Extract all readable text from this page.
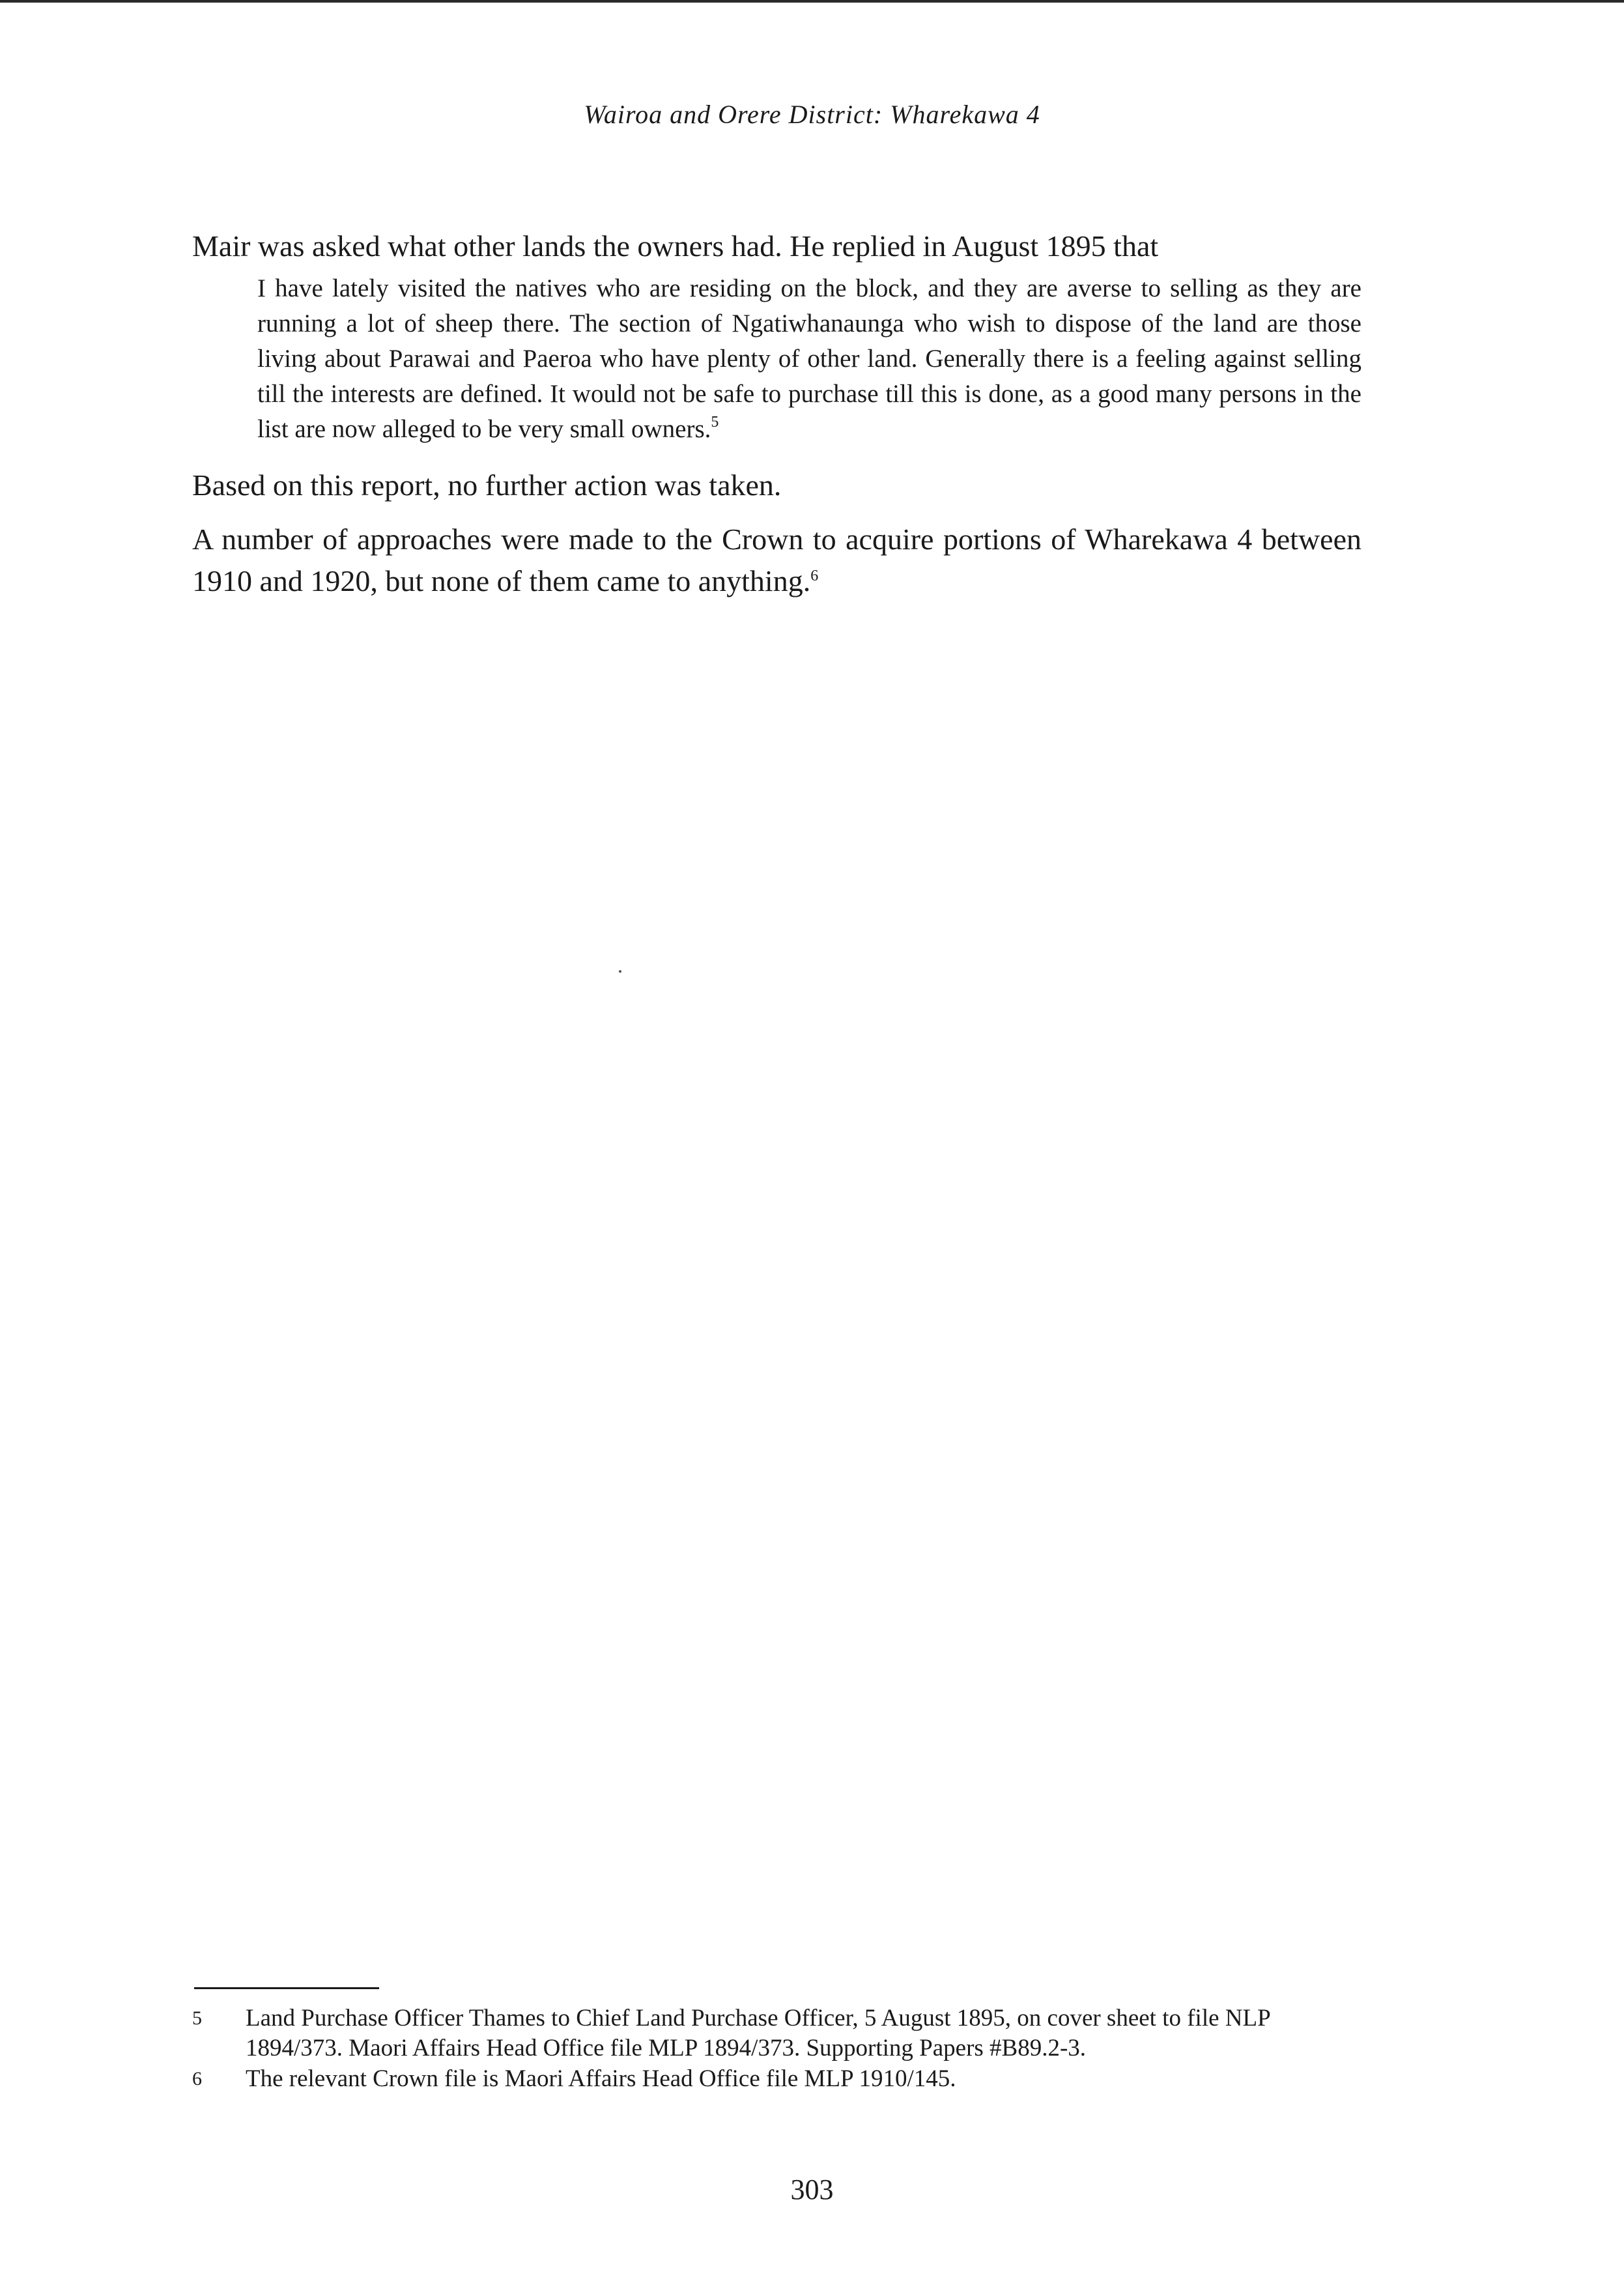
Wairoa and Orere District: Wharekawa 4

Mair was asked what other lands the owners had. He replied in August 1895 that

I have lately visited the natives who are residing on the block, and they are averse to selling as they are running a lot of sheep there. The section of Ngatiwhanaunga who wish to dispose of the land are those living about Parawai and Paeroa who have plenty of other land. Generally there is a feeling against selling till the interests are defined. It would not be safe to purchase till this is done, as a good many persons in the list are now alleged to be very small owners.$^5$

Based on this report, no further action was taken.

A number of approaches were made to the Crown to acquire portions of Wharekawa 4 between 1910 and 1920, but none of them came to anything.$^6$

5 Land Purchase Officer Thames to Chief Land Purchase Officer, 5 August 1895, on cover sheet to file NLP 1894/373. Maori Affairs Head Office file MLP 1894/373. Supporting Papers #B89.2-3.
6 The relevant Crown file is Maori Affairs Head Office file MLP 1910/145.
303
